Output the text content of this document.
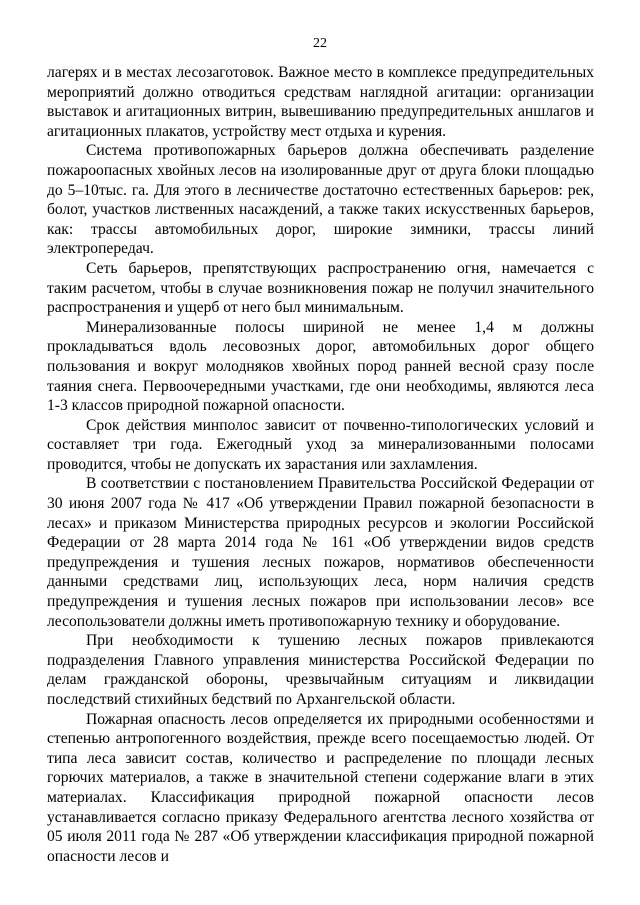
22

лагерях и в местах лесозаготовок. Важное место в комплексе предупредительных мероприятий должно отводиться средствам наглядной агитации: организации выставок и агитационных витрин, вывешиванию предупредительных аншлагов и агитационных плакатов, устройству мест отдыха и курения.

Система противопожарных барьеров должна обеспечивать разделение пожароопасных хвойных лесов на изолированные друг от друга блоки площадью до 5–10тыс. га. Для этого в лесничестве достаточно естественных барьеров: рек, болот, участков лиственных насаждений, а также таких искусственных барьеров, как: трассы автомобильных дорог, широкие зимники, трассы линий электропередач.

Сеть барьеров, препятствующих распространению огня, намечается с таким расчетом, чтобы в случае возникновения пожар не получил значительного распространения и ущерб от него был минимальным.

Минерализованные полосы шириной не менее 1,4 м должны прокладываться вдоль лесовозных дорог, автомобильных дорог общего пользования и вокруг молодняков хвойных пород ранней весной сразу после таяния снега. Первоочередными участками, где они необходимы, являются леса 1-3 классов природной пожарной опасности.

Срок действия минполос зависит от почвенно-типологических условий и составляет три года. Ежегодный уход за минерализованными полосами проводится, чтобы не допускать их зарастания или захламления.

В соответствии с постановлением Правительства Российской Федерации от 30 июня 2007 года № 417 «Об утверждении Правил пожарной безопасности в лесах» и приказом Министерства природных ресурсов и экологии Российской Федерации от 28 марта 2014 года № 161 «Об утверждении видов средств предупреждения и тушения лесных пожаров, нормативов обеспеченности данными средствами лиц, использующих леса, норм наличия средств предупреждения и тушения лесных пожаров при использовании лесов» все лесопользователи должны иметь противопожарную технику и оборудование.

При необходимости к тушению лесных пожаров привлекаются подразделения Главного управления министерства Российской Федерации по делам гражданской обороны, чрезвычайным ситуациям и ликвидации последствий стихийных бедствий по Архангельской области.

Пожарная опасность лесов определяется их природными особенностями и степенью антропогенного воздействия, прежде всего посещаемостью людей. От типа леса зависит состав, количество и распределение по площади лесных горючих материалов, а также в значительной степени содержание влаги в этих материалах. Классификация природной пожарной опасности лесов устанавливается согласно приказу Федерального агентства лесного хозяйства от 05 июля 2011 года № 287 «Об утверждении классификация природной пожарной опасности лесов и
